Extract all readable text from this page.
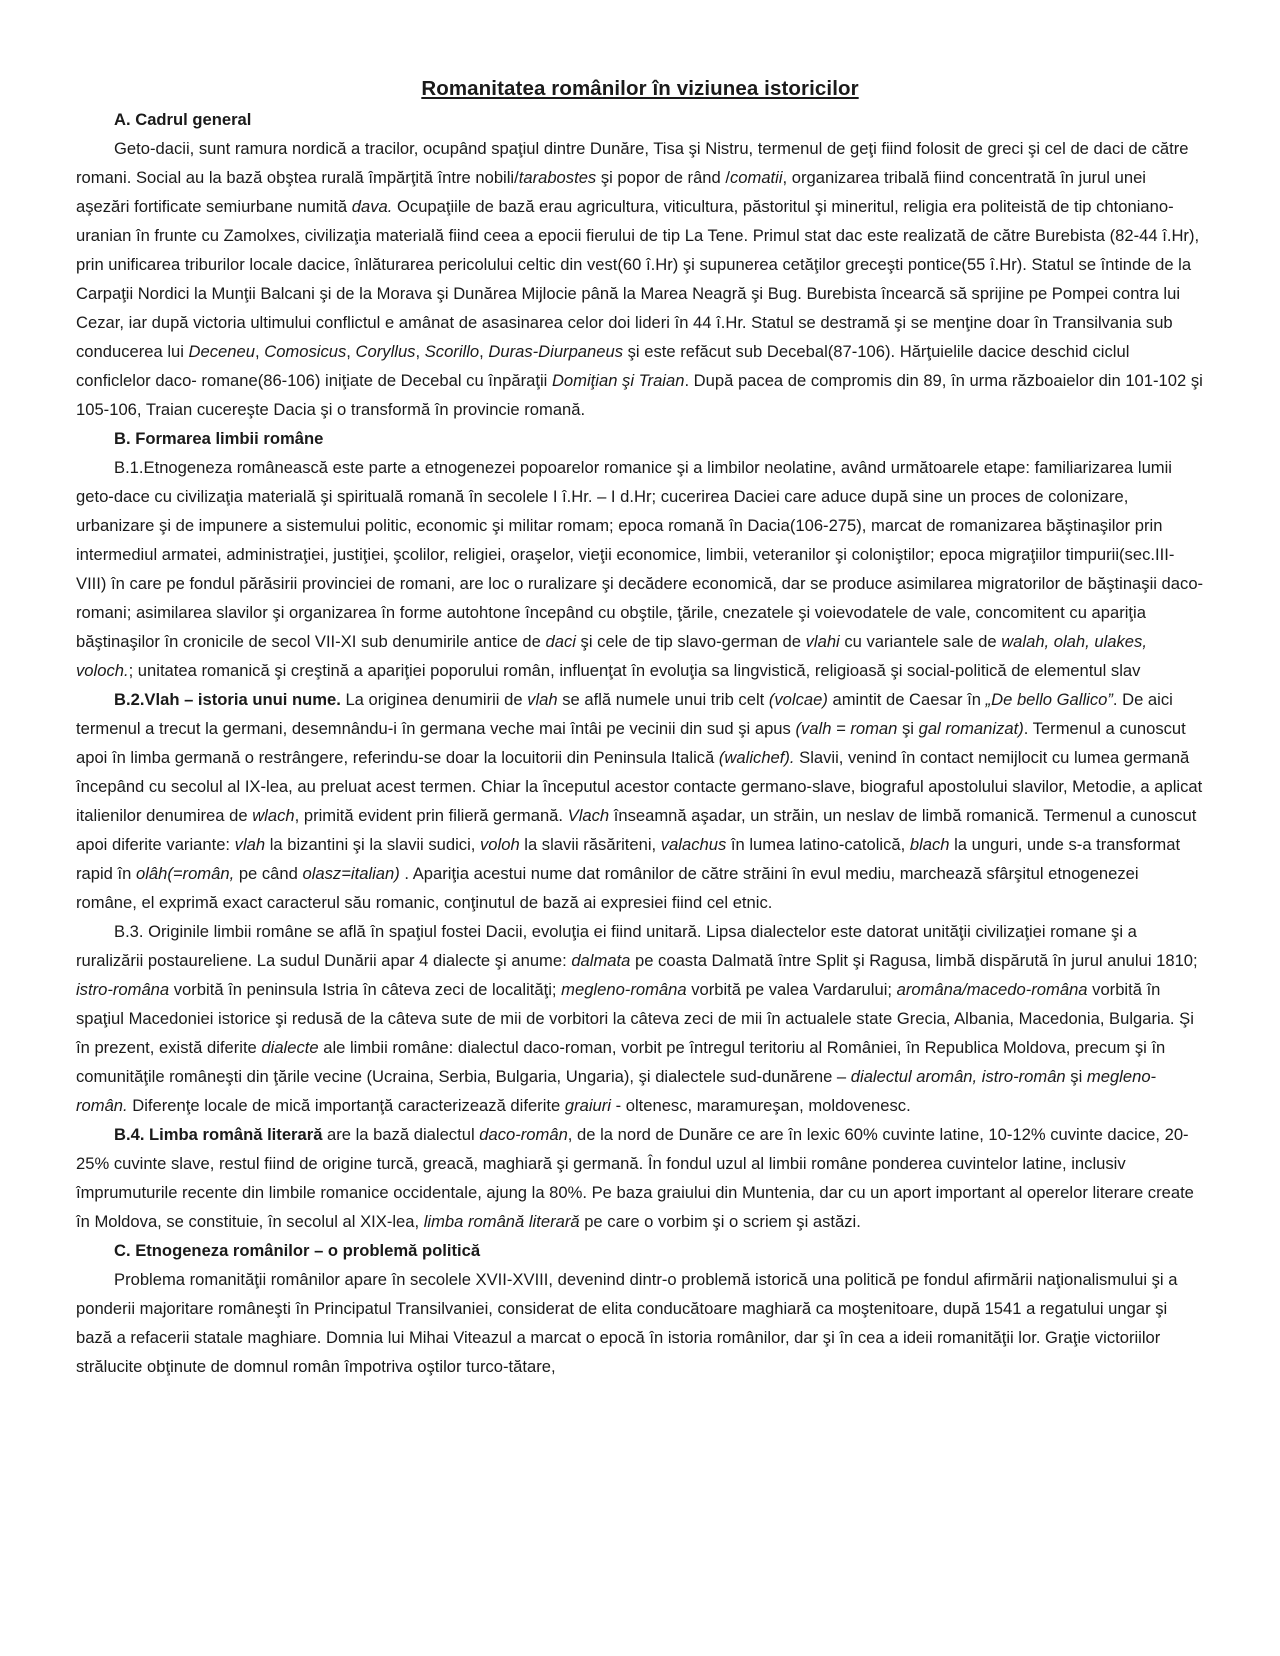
Romanitatea românilor în viziunea istoricilor
A. Cadrul general

Geto-dacii, sunt ramura nordică a tracilor, ocupând spaţiul dintre Dunăre, Tisa şi Nistru, termenul de geţi fiind folosit de greci şi cel de daci de către romani. Social au la bază obştea rurală împărţită între nobili/tarabostes şi popor de rând /comatii, organizarea tribală fiind concentrată în jurul unei aşezări fortificate semiurbane numită dava. Ocupaţiile de bază erau agricultura, viticultura, păstoritul şi mineritul, religia era politeistă de tip chtoniano-uranian în frunte cu Zamolxes, civilizaţia materială fiind ceea a epocii fierului de tip La Tene. Primul stat dac este realizată de către Burebista (82-44 î.Hr), prin unificarea triburilor locale dacice, înlăturarea pericolului celtic din vest(60 î.Hr) şi supunerea cetăţilor greceşti pontice(55 î.Hr). Statul se întinde de la Carpaţii Nordici la Munţii Balcani şi de la Morava şi Dunărea Mijlocie până la Marea Neagră şi Bug. Burebista încearcă să sprijine pe Pompei contra lui Cezar, iar după victoria ultimului conflictul e amânat de asasinarea celor doi lideri în 44 î.Hr. Statul se destramă şi se menţine doar în Transilvania sub conducerea lui Deceneu, Comosicus, Coryllus, Scorillo, Duras-Diurpaneus şi este refăcut sub Decebal(87-106). Hărţuielile dacice deschid ciclul conficlelor daco- romane(86-106) iniţiate de Decebal cu înpăraţii Domiţian şi Traian. După pacea de compromis din 89, în urma războaielor din 101-102 şi 105-106, Traian cucereşte Dacia şi o transformă în provincie romană.

B. Formarea limbii române

B.1.Etnogeneza românească este parte a etnogenezei popoarelor romanice şi a limbilor neolatine, având următoarele etape: familiarizarea lumii geto-dace cu civilizaţia materială şi spirituală romană în secolele I î.Hr. – I d.Hr; cucerirea Daciei care aduce după sine un proces de colonizare, urbanizare şi de impunere a sistemului politic, economic şi militar romam; epoca romană în Dacia(106-275), marcat de romanizarea băştinaşilor prin intermediul armatei, administraţiei, justiţiei, şcolilor, religiei, oraşelor, vieţii economice, limbii, veteranilor şi coloniştilor; epoca migraţiilor timpurii(sec.III-VIII) în care pe fondul părăsirii provinciei de romani, are loc o ruralizare şi decădere economică, dar se produce asimilarea migratorilor de băştinaşii daco-romani; asimilarea slavilor şi organizarea în forme autohtone începând cu obştile, ţările, cnezatele şi voievodatele de vale, concomitent cu apariţia băştinaşilor în cronicile de secol VII-XI sub denumirile antice de daci şi cele de tip slavo-german de vlahi cu variantele sale de walah, olah, ulakes, voloch.; unitatea romanică şi creştină a apariţiei poporului român, influenţat în evoluţia sa lingvistică, religioasă şi social-politică de elementul slav

B.2.Vlah – istoria unui nume. La originea denumirii de vlah se află numele unui trib celt (volcae) amintit de Caesar în „De bello Gallico”. De aici termenul a trecut la germani, desemnându-i în germana veche mai întâi pe vecinii din sud şi apus (valh = roman şi gal romanizat). Termenul a cunoscut apoi în limba germană o restrângere, referindu-se doar la locuitorii din Peninsula Italică (walichef). Slavii, venind în contact nemijlocit cu lumea germană începând cu secolul al IX-lea, au preluat acest termen. Chiar la începutul acestor contacte germano-slave, biograful apostolului slavilor, Metodie, a aplicat italienilor denumirea de wlach, primită evident prin filieră germană. Vlach înseamnă aşadar, un străin, un neslav de limbă romanică. Termenul a cunoscut apoi diferite variante: vlah la bizantini şi la slavii sudici, voloh la slavii răsăriteni, valachus în lumea latino-catolică, blach la unguri, unde s-a transformat rapid în olâh(=român, pe când olasz=italian) . Apariţia acestui nume dat românilor de către străini în evul mediu, marchează sfârşitul etnogenezei române, el exprimă exact caracterul său romanic, conţinutul de bază ai expresiei fiind cel etnic.

B.3. Originile limbii române se află în spaţiul fostei Dacii, evoluţia ei fiind unitară. Lipsa dialectelor este datorat unităţii civilizaţiei romane şi a ruralizării postaureliene. La sudul Dunării apar 4 dialecte şi anume: dalmata pe coasta Dalmată între Split şi Ragusa, limbă dispărută în jurul anului 1810; istro-româna vorbită în peninsula Istria în câteva zeci de localităţi; megleno-româna vorbită pe valea Vardarului; aromâna/macedo-româna vorbită în spaţiul Macedoniei istorice şi redusă de la câteva sute de mii de vorbitori la câteva zeci de mii în actualele state Grecia, Albania, Macedonia, Bulgaria. Şi în prezent, există diferite dialecte ale limbii române: dialectul daco-roman, vorbit pe întregul teritoriu al României, în Republica Moldova, precum şi în comunităţile româneşti din ţările vecine (Ucraina, Serbia, Bulgaria, Ungaria), şi dialectele sud-dunărene – dialectul aromân, istro-român şi megleno-român. Diferenţe locale de mică importanţă caracterizează diferite graiuri - oltenesc, maramureşan, moldovenesc.

B.4. Limba română literară are la bază dialectul daco-român, de la nord de Dunăre ce are în lexic 60% cuvinte latine, 10-12% cuvinte dacice, 20-25% cuvinte slave, restul fiind de origine turcă, greacă, maghiară şi germană. În fondul uzul al limbii române ponderea cuvintelor latine, inclusiv împrumuturile recente din limbile romanice occidentale, ajung la 80%. Pe baza graiului din Muntenia, dar cu un aport important al operelor literare create în Moldova, se constituie, în secolul al XIX-lea, limba română literară pe care o vorbim şi o scriem şi astăzi.

C. Etnogeneza românilor – o problemă politică

Problema romanităţii românilor apare în secolele XVII-XVIII, devenind dintr-o problemă istorică una politică pe fondul afirmării naţionalismului şi a ponderii majoritare româneşti în Principatul Transilvaniei, considerat de elita conducătoare maghiară ca moştenitoare, după 1541 a regatului ungar şi bază a refacerii statale maghiare. Domnia lui Mihai Viteazul a marcat o epocă în istoria românilor, dar şi în cea a ideii romanităţii lor. Graţie victoriilor strălucite obţinute de domnul român împotriva oştilor turco-tătare,
